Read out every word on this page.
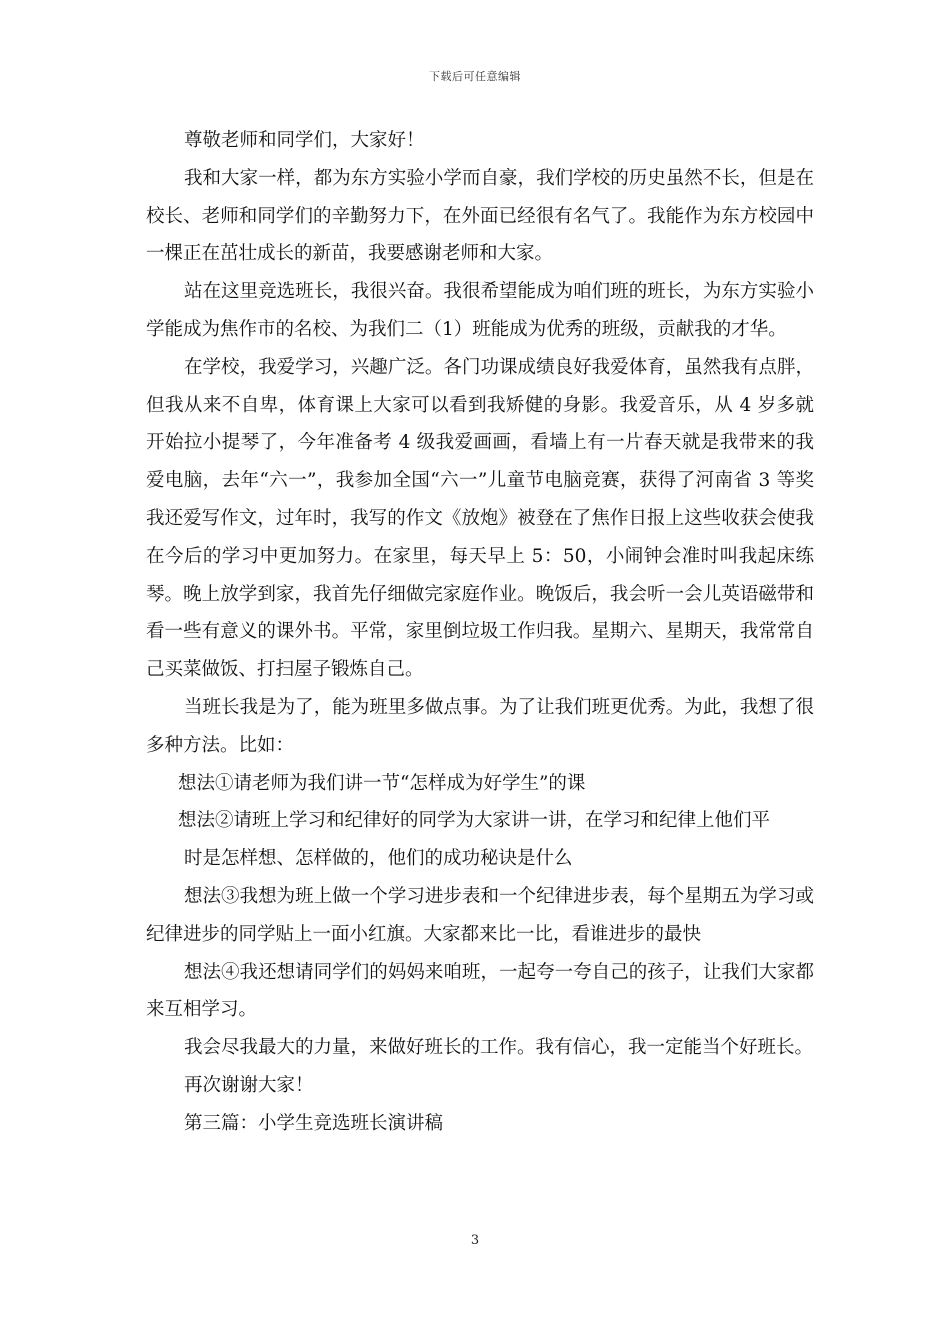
下载后可任意编辑

尊敬老师和同学们，大家好！

我和大家一样，都为东方实验小学而自豪，我们学校的历史虽然不长，但是在校长、老师和同学们的辛勤努力下，在外面已经很有名气了。我能作为东方校园中一棵正在茁壮成长的新苗，我要感谢老师和大家。

站在这里竞选班长，我很兴奋。我很希望能成为咱们班的班长，为东方实验小学能成为焦作市的名校、为我们二（1）班能成为优秀的班级，贡献我的才华。

在学校，我爱学习，兴趣广泛。各门功课成绩良好我爱体育，虽然我有点胖，但我从来不自卑，体育课上大家可以看到我矫健的身影。我爱音乐，从 4 岁多就开始拉小提琴了，今年准备考 4 级我爱画画，看墙上有一片春天就是我带来的我爱电脑，去年“六一”，我参加全国“六一”儿童节电脑竞赛，获得了河南省 3 等奖我还爱写作文，过年时，我写的作文《放炮》被登在了焦作日报上这些收获会使我在今后的学习中更加努力。在家里，每天早上 5：50，小闹钟会准时叫我起床练琴。晚上放学到家，我首先仔细做完家庭作业。晚饭后，我会听一会儿英语磁带和看一些有意义的课外书。平常，家里倒垃圾工作归我。星期六、星期天，我常常自己买菜做饭、打扫屋子锻炼自己。

当班长我是为了，能为班里多做点事。为了让我们班更优秀。为此，我想了很多种方法。比如：

想法①请老师为我们讲一节“怎样成为好学生”的课

想法②请班上学习和纪律好的同学为大家讲一讲，在学习和纪律上他们平

时是怎样想、怎样做的，他们的成功秘诀是什么

想法③我想为班上做一个学习进步表和一个纪律进步表，每个星期五为学习或纪律进步的同学贴上一面小红旗。大家都来比一比，看谁进步的最快

想法④我还想请同学们的妈妈来咱班，一起夸一夸自己的孩子，让我们大家都来互相学习。

我会尽我最大的力量，来做好班长的工作。我有信心，我一定能当个好班长。

再次谢谢大家！

第三篇：小学生竞选班长演讲稿

3
